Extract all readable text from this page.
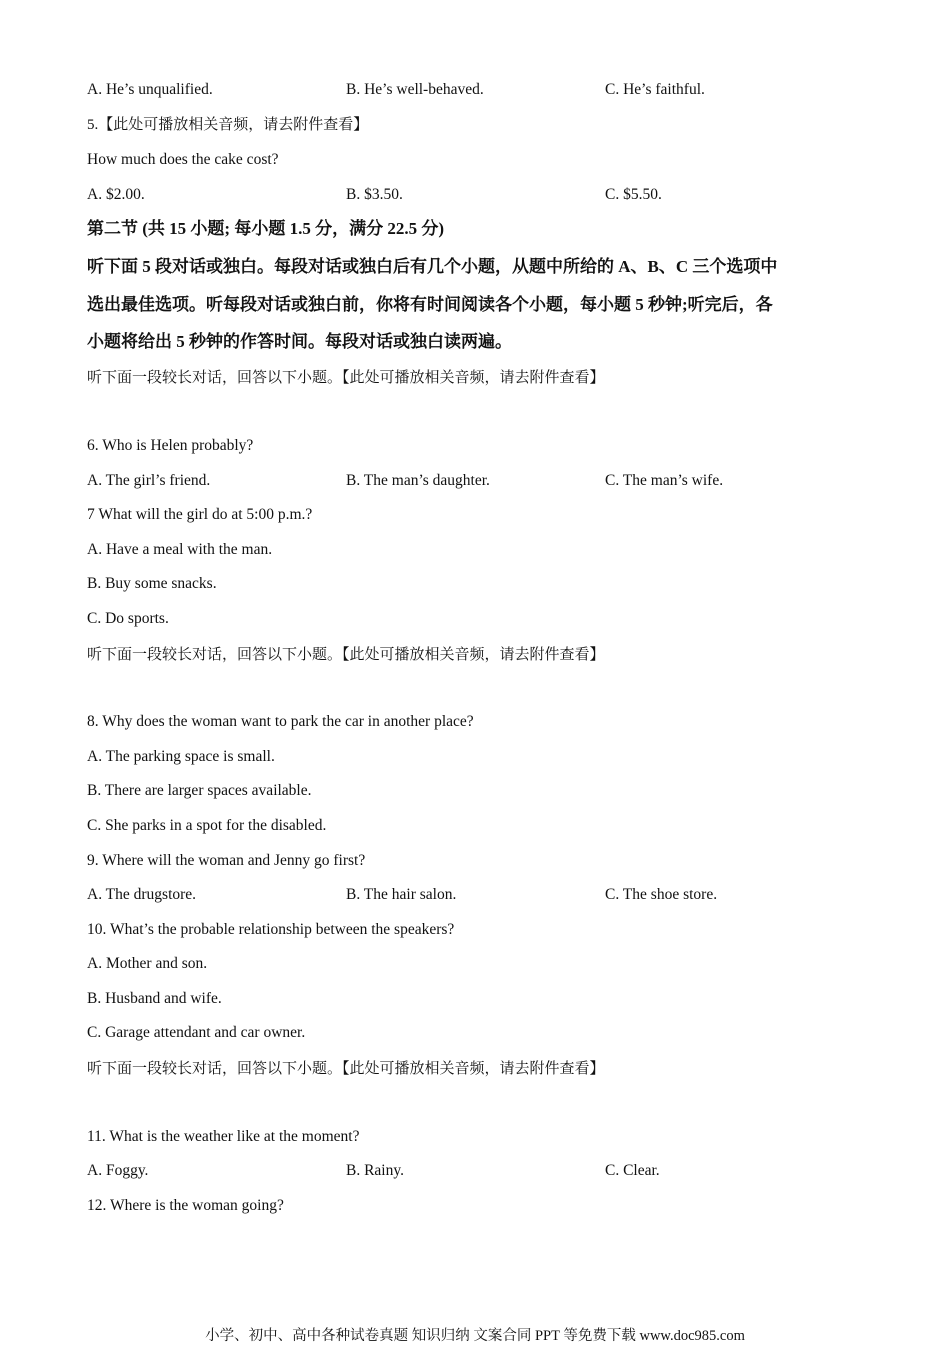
A. He’s unqualified.	B. He’s well-behaved.	C. He’s faithful.
5.【此处可播放相关音频，请去附件查看】
How much does the cake cost?
A. $2.00.	B. $3.50.	C. $5.50.
第二节 (共 15 小题; 每小题 1.5 分，满分 22.5 分)
听下面 5 段对话或独白。每段对话或独白后有几个小题，从题中所给的 A、B、C 三个选项中
选出最佳选项。听每段对话或独白前，你将有时间阅读各个小题，每小题 5 秒钟;听完后，各
小题将给出 5 秒钟的作答时间。每段对话或独白读两遍。
听下面一段较长对话，回答以下小题。【此处可播放相关音频，请去附件查看】
6. Who is Helen probably?
A. The girl’s friend.	B. The man’s daughter.	C. The man’s wife.
7 What will the girl do at 5:00 p.m.?
A. Have a meal with the man.
B. Buy some snacks.
C. Do sports.
听下面一段较长对话，回答以下小题。【此处可播放相关音频，请去附件查看】
8. Why does the woman want to park the car in another place?
A. The parking space is small.
B. There are larger spaces available.
C. She parks in a spot for the disabled.
9. Where will the woman and Jenny go first?
A. The drugstore.	B. The hair salon.	C. The shoe store.
10. What’s the probable relationship between the speakers?
A. Mother and son.
B. Husband and wife.
C. Garage attendant and car owner.
听下面一段较长对话，回答以下小题。【此处可播放相关音频，请去附件查看】
11. What is the weather like at the moment?
A. Foggy.	B. Rainy.	C. Clear.
12. Where is the woman going?
小学、初中、高中各种试卷真题 知识归纳 文案合同 PPT 等免费下载 www.doc985.com
